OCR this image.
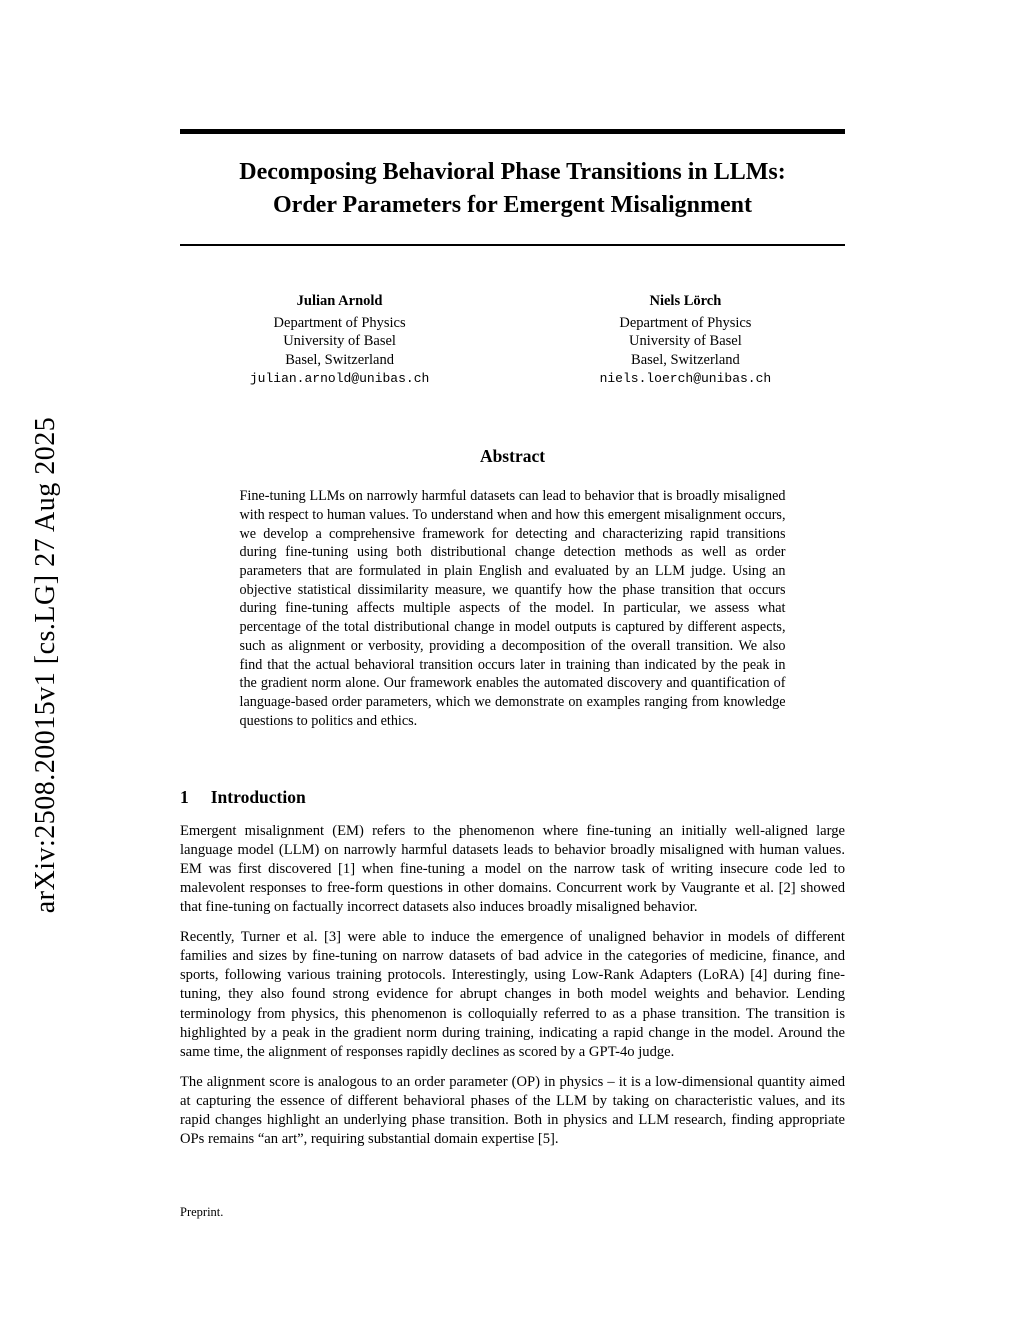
arXiv:2508.20015v1 [cs.LG] 27 Aug 2025
Decomposing Behavioral Phase Transitions in LLMs:
Order Parameters for Emergent Misalignment
Julian Arnold
Department of Physics
University of Basel
Basel, Switzerland
julian.arnold@unibas.ch
Niels Lörch
Department of Physics
University of Basel
Basel, Switzerland
niels.loerch@unibas.ch
Abstract

Fine-tuning LLMs on narrowly harmful datasets can lead to behavior that is broadly misaligned with respect to human values. To understand when and how this emergent misalignment occurs, we develop a comprehensive framework for detecting and characterizing rapid transitions during fine-tuning using both distributional change detection methods as well as order parameters that are formulated in plain English and evaluated by an LLM judge. Using an objective statistical dissimilarity measure, we quantify how the phase transition that occurs during fine-tuning affects multiple aspects of the model. In particular, we assess what percentage of the total distributional change in model outputs is captured by different aspects, such as alignment or verbosity, providing a decomposition of the overall transition. We also find that the actual behavioral transition occurs later in training than indicated by the peak in the gradient norm alone. Our framework enables the automated discovery and quantification of language-based order parameters, which we demonstrate on examples ranging from knowledge questions to politics and ethics.

1 Introduction

Emergent misalignment (EM) refers to the phenomenon where fine-tuning an initially well-aligned large language model (LLM) on narrowly harmful datasets leads to behavior broadly misaligned with human values. EM was first discovered [1] when fine-tuning a model on the narrow task of writing insecure code led to malevolent responses to free-form questions in other domains. Concurrent work by Vaugrante et al. [2] showed that fine-tuning on factually incorrect datasets also induces broadly misaligned behavior.

Recently, Turner et al. [3] were able to induce the emergence of unaligned behavior in models of different families and sizes by fine-tuning on narrow datasets of bad advice in the categories of medicine, finance, and sports, following various training protocols. Interestingly, using Low-Rank Adapters (LoRA) [4] during fine-tuning, they also found strong evidence for abrupt changes in both model weights and behavior. Lending terminology from physics, this phenomenon is colloquially referred to as a phase transition. The transition is highlighted by a peak in the gradient norm during training, indicating a rapid change in the model. Around the same time, the alignment of responses rapidly declines as scored by a GPT-4o judge.

The alignment score is analogous to an order parameter (OP) in physics – it is a low-dimensional quantity aimed at capturing the essence of different behavioral phases of the LLM by taking on characteristic values, and its rapid changes highlight an underlying phase transition. Both in physics and LLM research, finding appropriate OPs remains “an art”, requiring substantial domain expertise [5].

Preprint.
